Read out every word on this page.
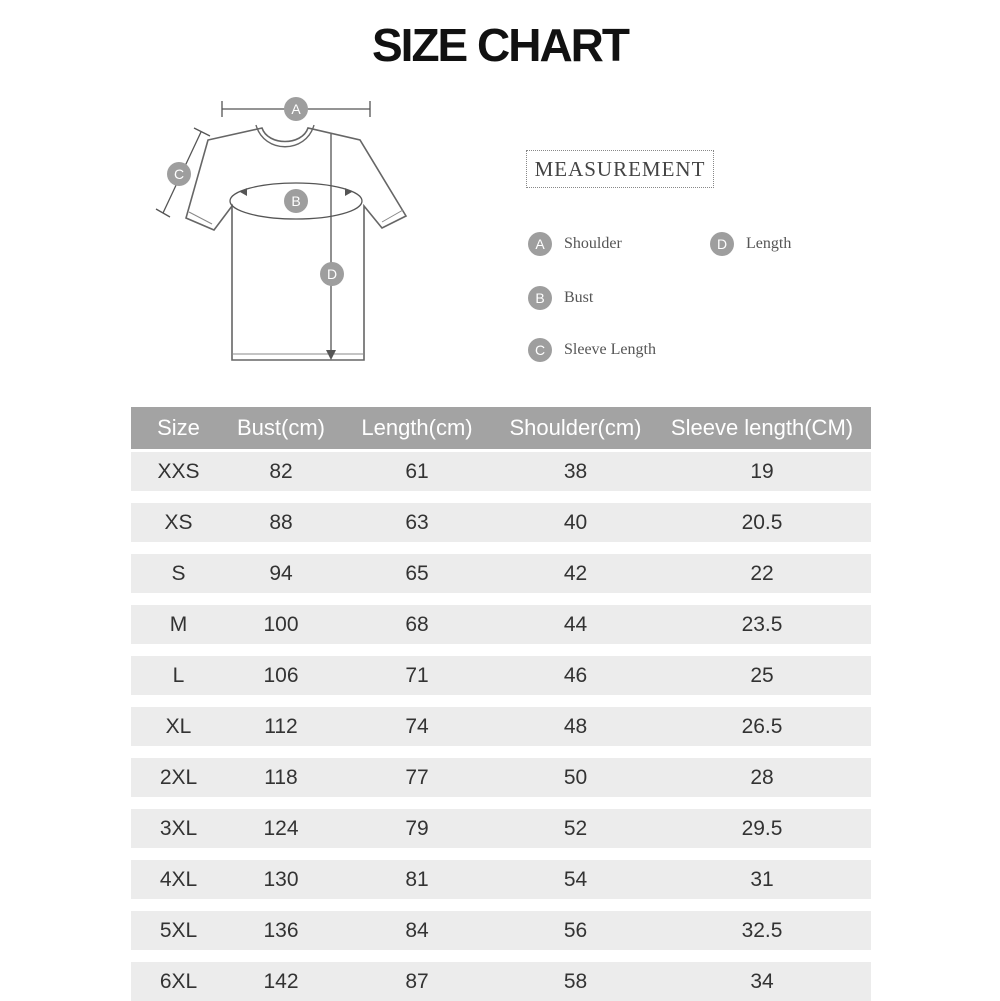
SIZE CHART
A
C
B
D
MEASUREMENT
A	Shoulder	D	Length
B	Bust
C	Sleeve Length
Size	Bust(cm)	Length(cm)	Shoulder(cm)	Sleeve length(CM)
XXS	82	61	38	19
XS	88	63	40	20.5
S	94	65	42	22
M	100	68	44	23.5
L	106	71	46	25
XL	112	74	48	26.5
2XL	118	77	50	28
3XL	124	79	52	29.5
4XL	130	81	54	31
5XL	136	84	56	32.5
6XL	142	87	58	34
